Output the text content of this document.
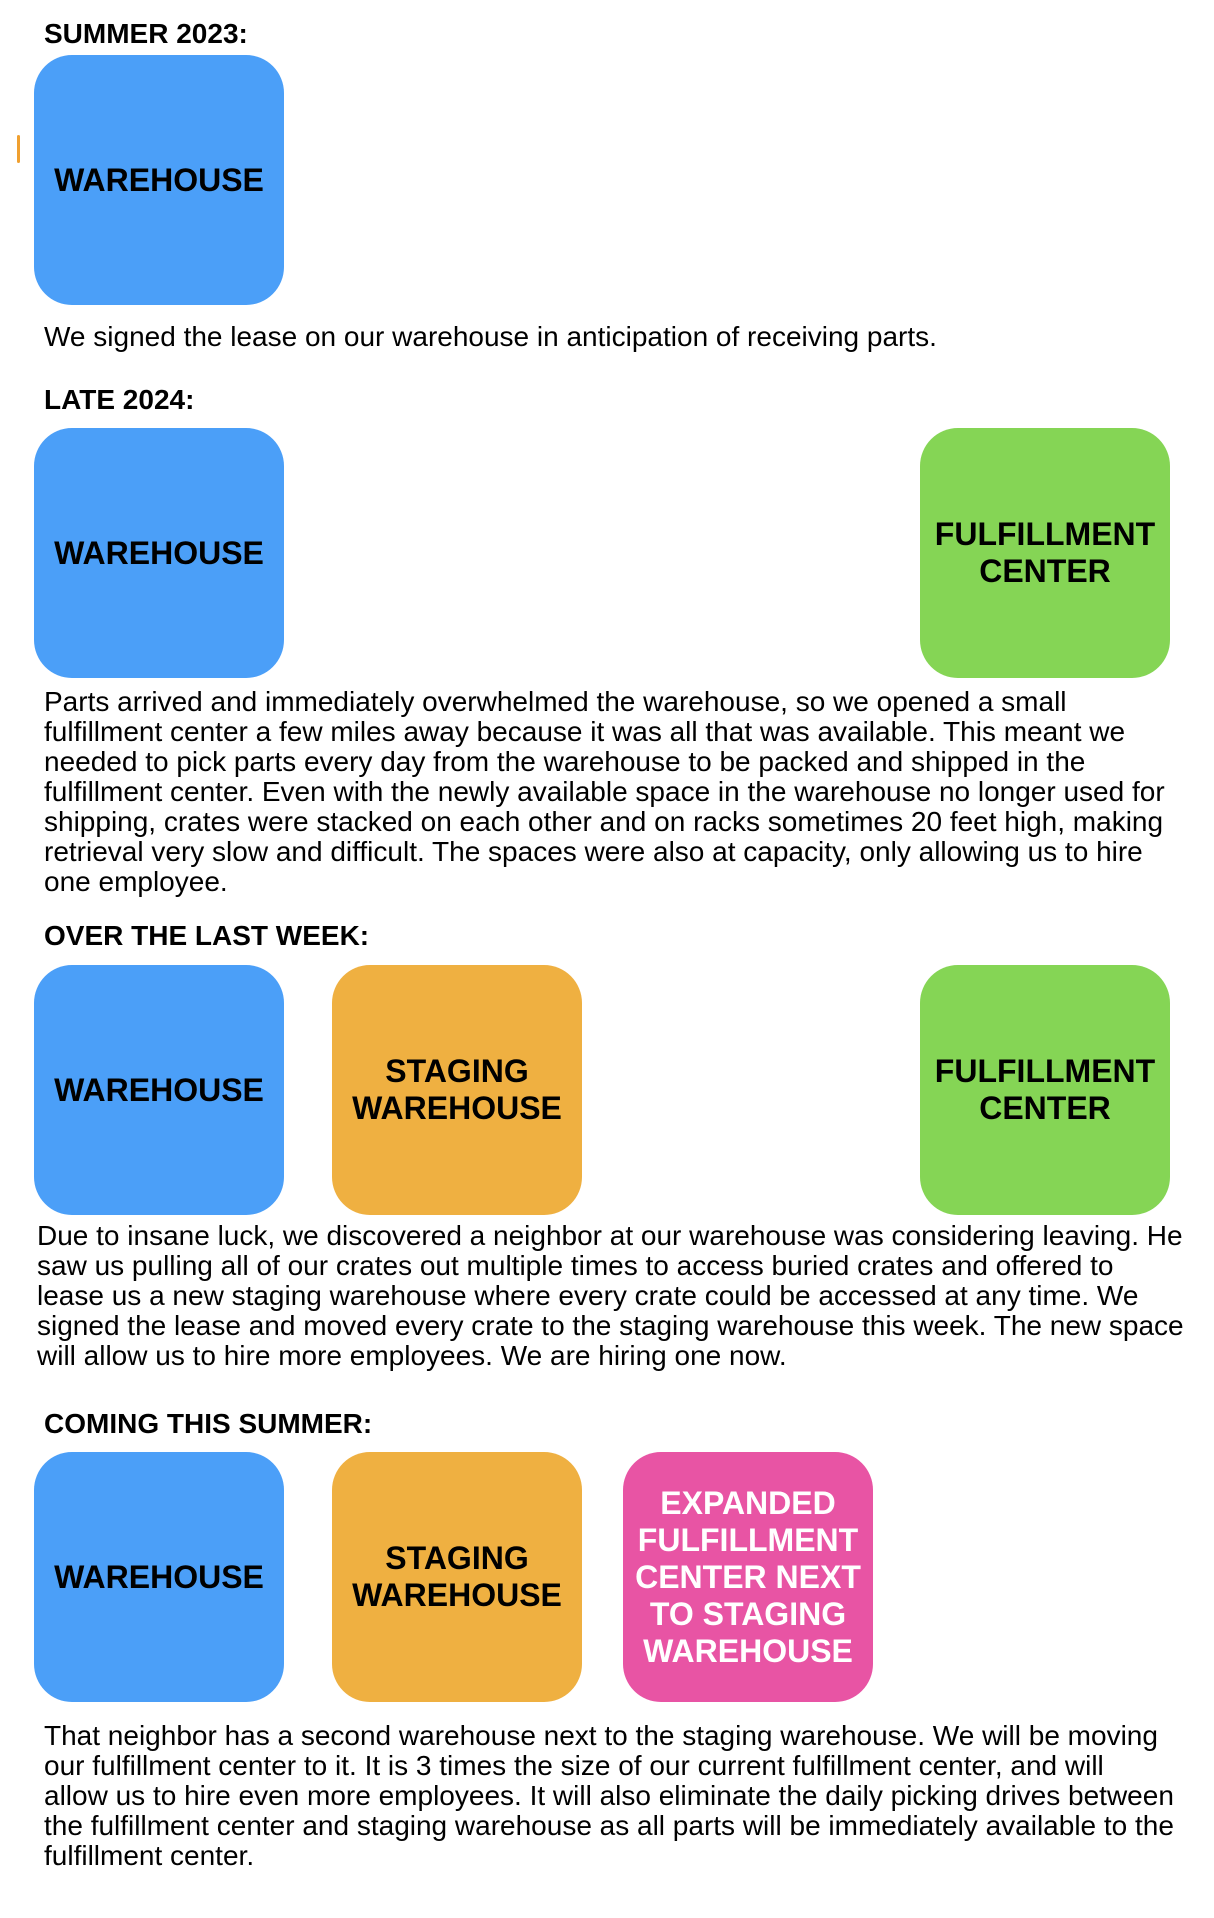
SUMMER 2023:
WAREHOUSE
We signed the lease on our warehouse in anticipation of receiving parts.
LATE 2024:
WAREHOUSE
FULFILLMENT CENTER
Parts arrived and immediately overwhelmed the warehouse, so we opened a small fulfillment center a few miles away because it was all that was available. This meant we needed to pick parts every day from the warehouse to be packed and shipped in the fulfillment center. Even with the newly available space in the warehouse no longer used for shipping, crates were stacked on each other and on racks sometimes 20 feet high, making retrieval very slow and difficult. The spaces were also at capacity, only allowing us to hire one employee.
OVER THE LAST WEEK:
WAREHOUSE
STAGING WAREHOUSE
FULFILLMENT CENTER
Due to insane luck, we discovered a neighbor at our warehouse was considering leaving. He saw us pulling all of our crates out multiple times to access buried crates and offered to lease us a new staging warehouse where every crate could be accessed at any time. We signed the lease and moved every crate to the staging warehouse this week. The new space will allow us to hire more employees. We are hiring one now.
COMING THIS SUMMER:
WAREHOUSE
STAGING WAREHOUSE
EXPANDED FULFILLMENT CENTER NEXT TO STAGING WAREHOUSE
That neighbor has a second warehouse next to the staging warehouse. We will be moving our fulfillment center to it. It is 3 times the size of our current fulfillment center, and will allow us to hire even more employees. It will also eliminate the daily picking drives between the fulfillment center and staging warehouse as all parts will be immediately available to the fulfillment center.
